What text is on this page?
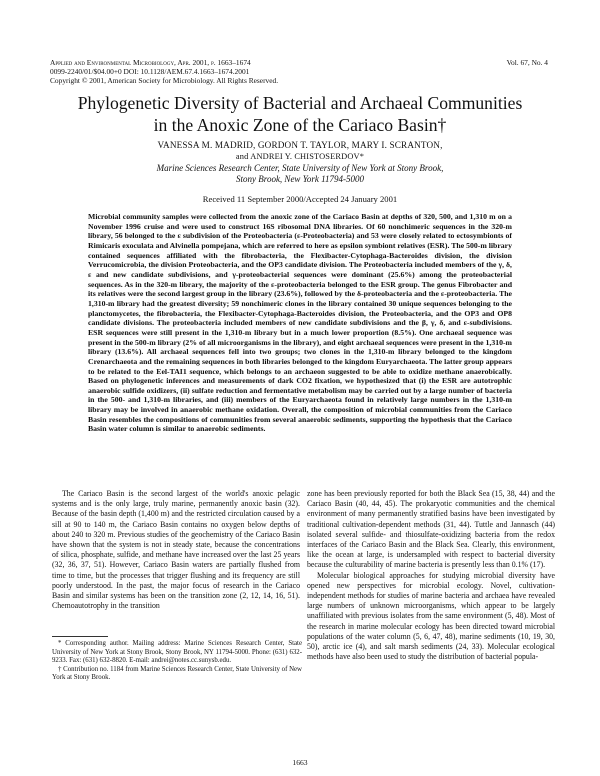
Applied and Environmental Microbiology, Apr. 2001, p. 1663–1674
0099-2240/01/$04.00+0 DOI: 10.1128/AEM.67.4.1663–1674.2001
Copyright © 2001, American Society for Microbiology. All Rights Reserved.
Vol. 67, No. 4
Phylogenetic Diversity of Bacterial and Archaeal Communities
in the Anoxic Zone of the Cariaco Basin†
VANESSA M. MADRID, GORDON T. TAYLOR, MARY I. SCRANTON,
and ANDREI Y. CHISTOSERDOV*
Marine Sciences Research Center, State University of New York at Stony Brook,
Stony Brook, New York 11794-5000
Received 11 September 2000/Accepted 24 January 2001
Microbial community samples were collected from the anoxic zone of the Cariaco Basin at depths of 320, 500, and 1,310 m on a November 1996 cruise and were used to construct 16S ribosomal DNA libraries. Of 60 nonchimeric sequences in the 320-m library, 56 belonged to the ε subdivision of the Proteobacteria (ε-Proteobacteria) and 53 were closely related to ectosymbionts of Rimicaris exoculata and Alvinella pompejana, which are referred to here as epsilon symbiont relatives (ESR). The 500-m library contained sequences affiliated with the fibrobacteria, the Flexibacter-Cytophaga-Bacteroides division, the division Verrucomicrobia, the division Proteobacteria, and the OP3 candidate division. The Proteobacteria included members of the γ, δ, ε and new candidate subdivisions, and γ-proteobacterial sequences were dominant (25.6%) among the proteobacterial sequences. As in the 320-m library, the majority of the ε-proteobacteria belonged to the ESR group. The genus Fibrobacter and its relatives were the second largest group in the library (23.6%), followed by the δ-proteobacteria and the ε-proteobacteria. The 1,310-m library had the greatest diversity; 59 nonchimeric clones in the library contained 30 unique sequences belonging to the planctomycetes, the fibrobacteria, the Flexibacter-Cytophaga-Bacteroides division, the Proteobacteria, and the OP3 and OP8 candidate divisions. The proteobacteria included members of new candidate subdivisions and the β, γ, δ, and ε-subdivisions. ESR sequences were still present in the 1,310-m library but in a much lower proportion (8.5%). One archaeal sequence was present in the 500-m library (2% of all microorganisms in the library), and eight archaeal sequences were present in the 1,310-m library (13.6%). All archaeal sequences fell into two groups; two clones in the 1,310-m library belonged to the kingdom Crenarchaeota and the remaining sequences in both libraries belonged to the kingdom Euryarchaeota. The latter group appears to be related to the Eel-TAI1 sequence, which belongs to an archaeon suggested to be able to oxidize methane anaerobically. Based on phylogenetic inferences and measurements of dark CO2 fixation, we hypothesized that (i) the ESR are autotrophic anaerobic sulfide oxidizers, (ii) sulfate reduction and fermentative metabolism may be carried out by a large number of bacteria in the 500- and 1,310-m libraries, and (iii) members of the Euryarchaeota found in relatively large numbers in the 1,310-m library may be involved in anaerobic methane oxidation. Overall, the composition of microbial communities from the Cariaco Basin resembles the compositions of communities from several anaerobic sediments, supporting the hypothesis that the Cariaco Basin water column is similar to anaerobic sediments.

The Cariaco Basin is the second largest of the world's anoxic pelagic systems and is the only large, truly marine, permanently anoxic basin (32). Because of the basin depth (1,400 m) and the restricted circulation caused by a sill at 90 to 140 m, the Cariaco Basin contains no oxygen below depths of about 240 to 320 m. Previous studies of the geochemistry of the Cariaco Basin have shown that the system is not in steady state, because the concentrations of silica, phosphate, sulfide, and methane have increased over the last 25 years (32, 36, 37, 51). However, Cariaco Basin waters are partially flushed from time to time, but the processes that trigger flushing and its frequency are still poorly understood. In the past, the major focus of research in the Cariaco Basin and similar systems has been on the transition zone (2, 12, 14, 16, 51). Chemoautotrophy in the transition

zone has been previously reported for both the Black Sea (15, 38, 44) and the Cariaco Basin (40, 44, 45). The prokaryotic communities and the chemical environment of many permanently stratified basins have been investigated by traditional cultivation-dependent methods (31, 44). Tuttle and Jannasch (44) isolated several sulfide- and thiosulfate-oxidizing bacteria from the redox interfaces of the Cariaco Basin and the Black Sea. Clearly, this environment, like the ocean at large, is undersampled with respect to bacterial diversity because the culturability of marine bacteria is presently less than 0.1% (17).

Molecular biological approaches for studying microbial diversity have opened new perspectives for microbial ecology. Novel, cultivation-independent methods for studies of marine bacteria and archaea have revealed large numbers of unknown microorganisms, which appear to be largely unaffiliated with previous isolates from the same environment (5, 48). Most of the research in marine molecular ecology has been directed toward microbial populations of the water column (5, 6, 47, 48), marine sediments (10, 19, 30, 50), arctic ice (4), and salt marsh sediments (24, 33). Molecular ecological methods have also been used to study the distribution of bacterial popula-

* Corresponding author. Mailing address: Marine Sciences Research Center, State University of New York at Stony Brook, Stony Brook, NY 11794-5000. Phone: (631) 632-9233. Fax: (631) 632-8820. E-mail: andrei@notes.cc.sunysb.edu.

† Contribution no. 1184 from Marine Sciences Research Center, State University of New York at Stony Brook.

1663
